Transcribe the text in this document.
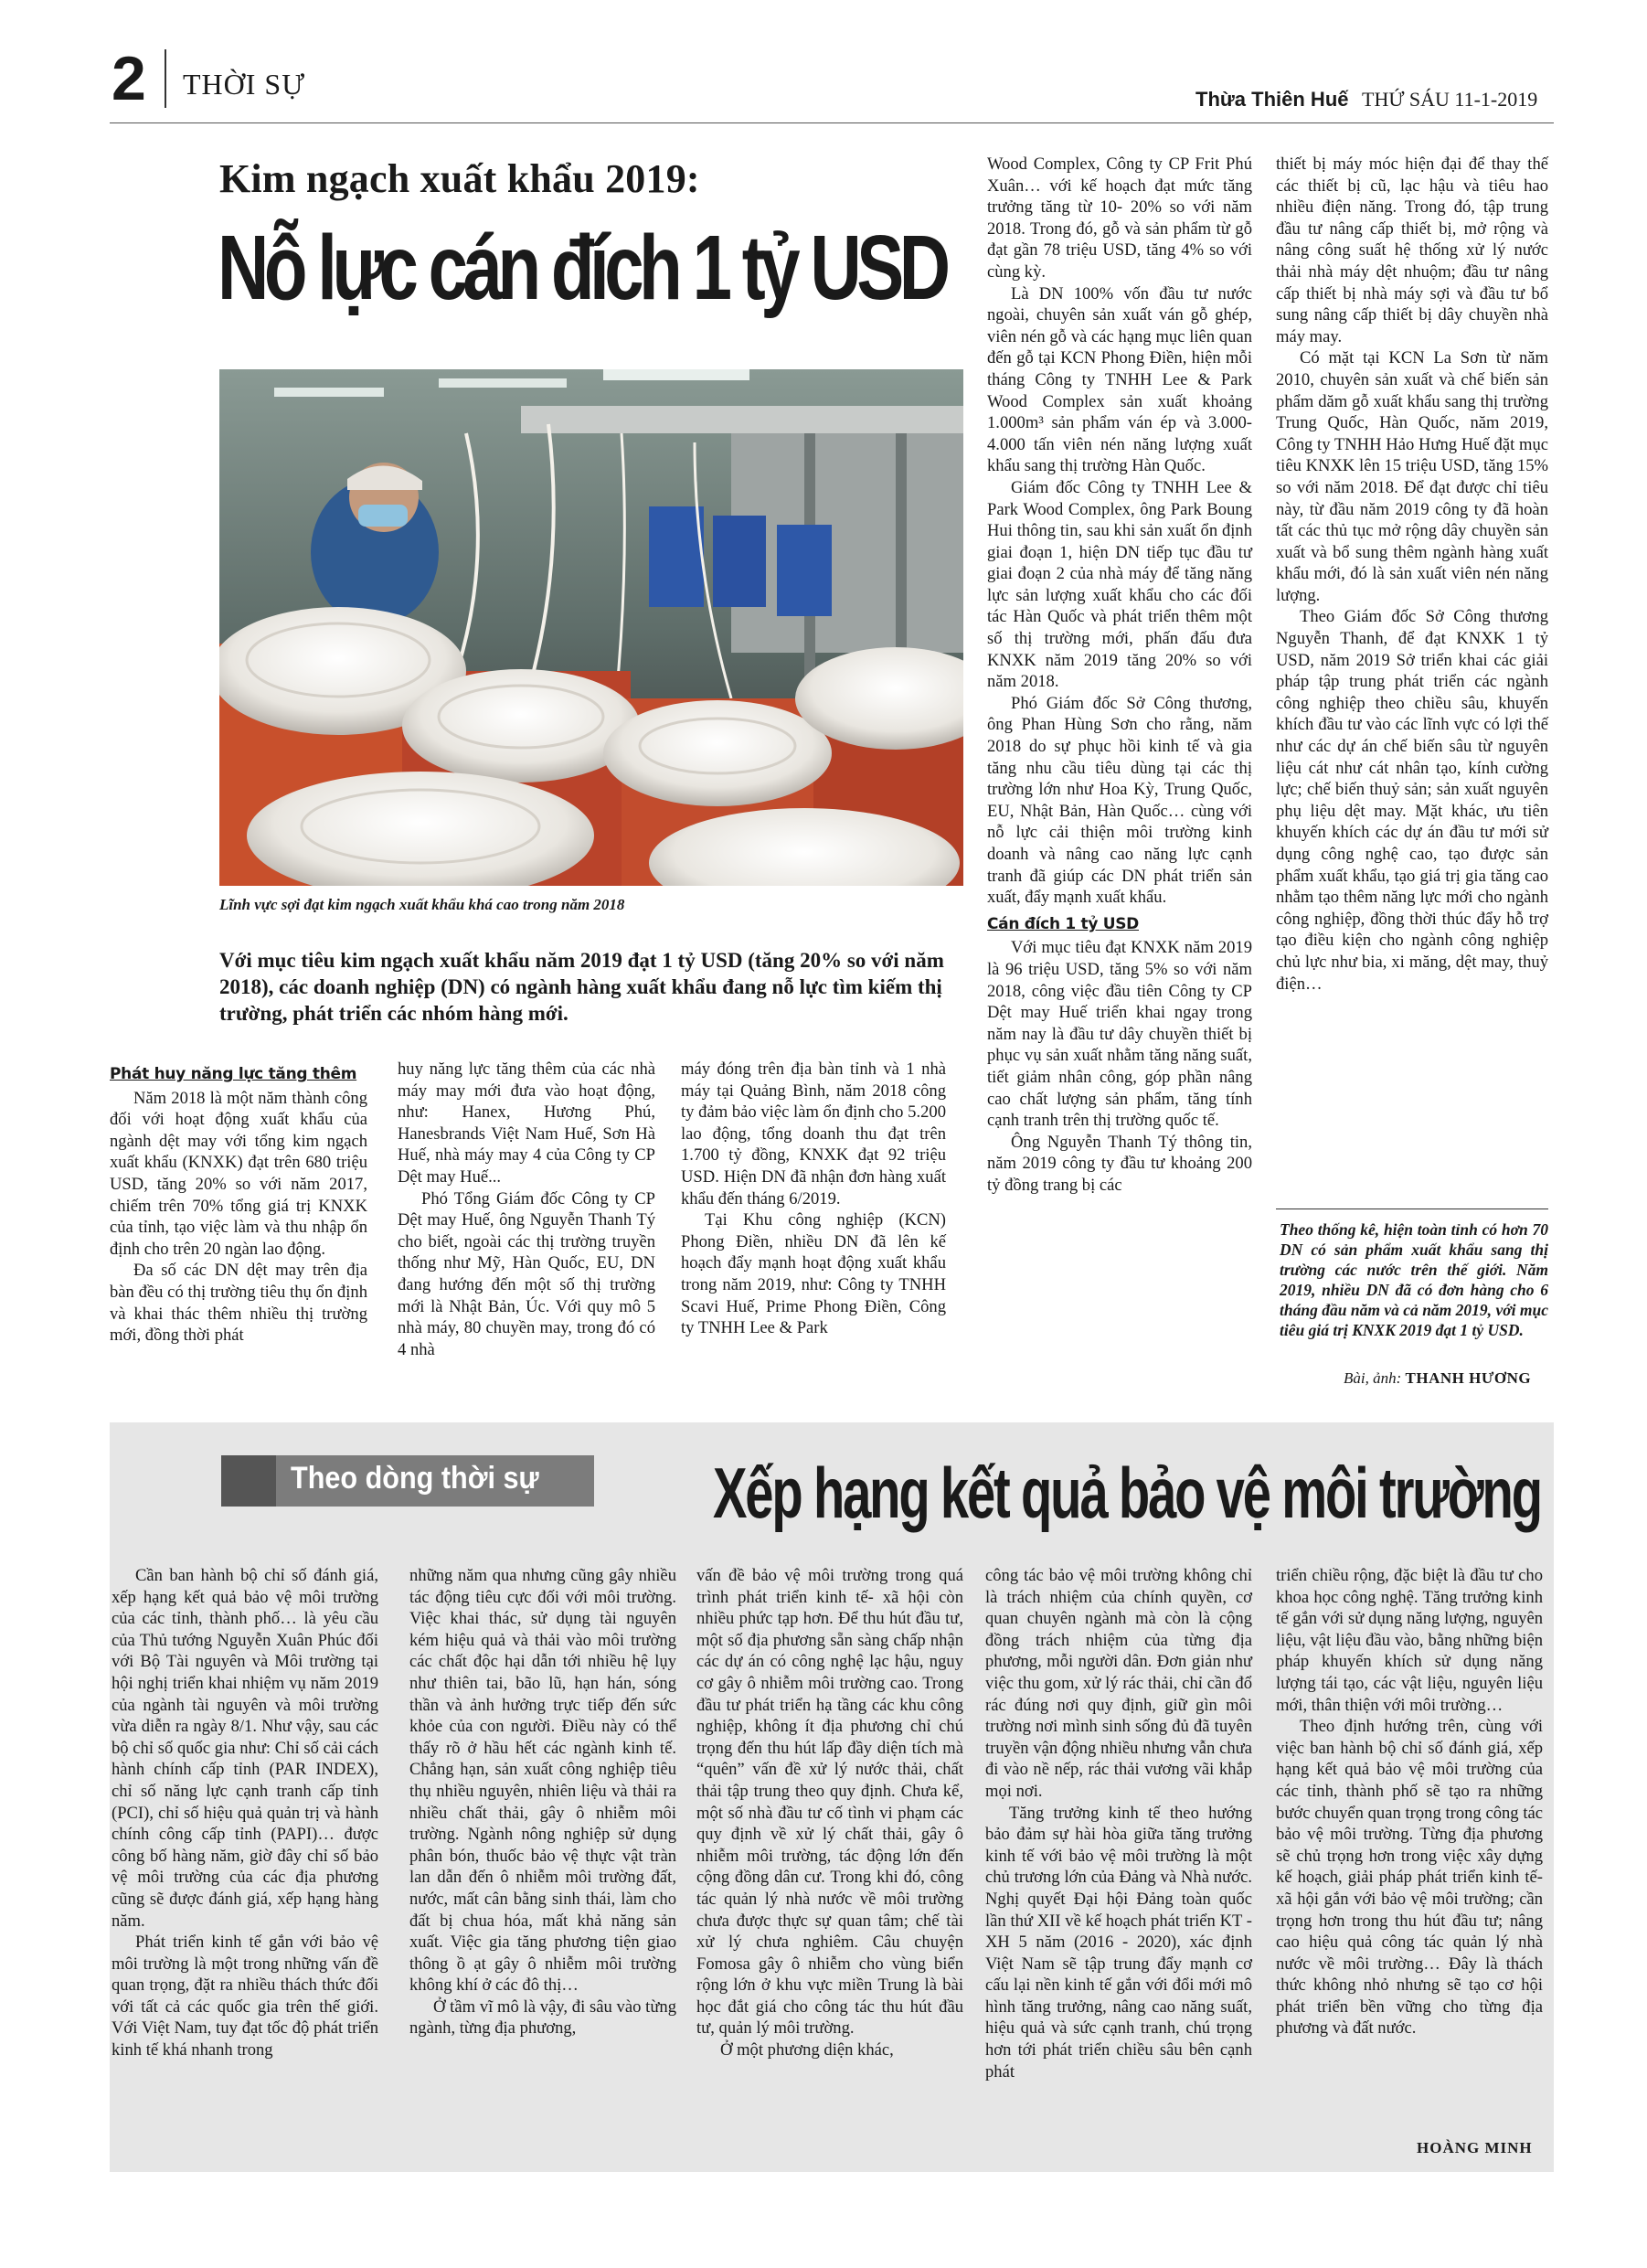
2 THỜI SỰ	Thừa Thiên Huế THỨ SÁU 11-1-2019
Kim ngạch xuất khẩu 2019:
Nỗ lực cán đích 1 tỷ USD
Lĩnh vực sợi đạt kim ngạch xuất khẩu khá cao trong năm 2018
Với mục tiêu kim ngạch xuất khẩu năm 2019 đạt 1 tỷ USD (tăng 20% so với năm 2018), các doanh nghiệp (DN) có ngành hàng xuất khẩu đang nỗ lực tìm kiếm thị trường, phát triển các nhóm hàng mới.
Phát huy năng lực tăng thêm

Năm 2018 là một năm thành công đối với hoạt động xuất khẩu của ngành dệt may với tổng kim ngạch xuất khẩu (KNXK) đạt trên 680 triệu USD, tăng 20% so với năm 2017, chiếm trên 70% tổng giá trị KNXK của tỉnh, tạo việc làm và thu nhập ổn định cho trên 20 ngàn lao động.

Đa số các DN dệt may trên địa bàn đều có thị trường tiêu thụ ổn định và khai thác thêm nhiều thị trường mới, đồng thời phát

huy năng lực tăng thêm của các nhà máy may mới đưa vào hoạt động, như: Hanex, Hương Phú, Hanesbrands Việt Nam Huế, Sơn Hà Huế, nhà máy may 4 của Công ty CP Dệt may Huế...

Phó Tổng Giám đốc Công ty CP Dệt may Huế, ông Nguyễn Thanh Tý cho biết, ngoài các thị trường truyền thống như Mỹ, Hàn Quốc, EU, DN đang hướng đến một số thị trường mới là Nhật Bản, Úc. Với quy mô 5 nhà máy, 80 chuyền may, trong đó có 4 nhà

máy đóng trên địa bàn tỉnh và 1 nhà máy tại Quảng Bình, năm 2018 công ty đảm bảo việc làm ổn định cho 5.200 lao động, tổng doanh thu đạt trên 1.700 tỷ đồng, KNXK đạt 92 triệu USD. Hiện DN đã nhận đơn hàng xuất khẩu đến tháng 6/2019.

Tại Khu công nghiệp (KCN) Phong Điền, nhiều DN đã lên kế hoạch đẩy mạnh hoạt động xuất khẩu trong năm 2019, như: Công ty TNHH Scavi Huế, Prime Phong Điền, Công ty TNHH Lee & Park

Wood Complex, Công ty CP Frit Phú Xuân… với kế hoạch đạt mức tăng trưởng tăng từ 10- 20% so với năm 2018. Trong đó, gỗ và sản phẩm từ gỗ đạt gần 78 triệu USD, tăng 4% so với cùng kỳ.

Là DN 100% vốn đầu tư nước ngoài, chuyên sản xuất ván gỗ ghép, viên nén gỗ và các hạng mục liên quan đến gỗ tại KCN Phong Điền, hiện mỗi tháng Công ty TNHH Lee & Park Wood Complex sản xuất khoảng 1.000m³ sản phẩm ván ép và 3.000- 4.000 tấn viên nén năng lượng xuất khẩu sang thị trường Hàn Quốc.

Giám đốc Công ty TNHH Lee & Park Wood Complex, ông Park Boung Hui thông tin, sau khi sản xuất ổn định giai đoạn 1, hiện DN tiếp tục đầu tư giai đoạn 2 của nhà máy để tăng năng lực sản lượng xuất khẩu cho các đối tác Hàn Quốc và phát triển thêm một số thị trường mới, phấn đấu đưa KNXK năm 2019 tăng 20% so với năm 2018.

Phó Giám đốc Sở Công thương, ông Phan Hùng Sơn cho rằng, năm 2018 do sự phục hồi kinh tế và gia tăng nhu cầu tiêu dùng tại các thị trường lớn như Hoa Kỳ, Trung Quốc, EU, Nhật Bản, Hàn Quốc… cùng với nỗ lực cải thiện môi trường kinh doanh và nâng cao năng lực cạnh tranh đã giúp các DN phát triển sản xuất, đẩy mạnh xuất khẩu.

Cán đích 1 tỷ USD

Với mục tiêu đạt KNXK năm 2019 là 96 triệu USD, tăng 5% so với năm 2018, công việc đầu tiên Công ty CP Dệt may Huế triển khai ngay trong năm nay là đầu tư dây chuyền thiết bị phục vụ sản xuất nhằm tăng năng suất, tiết giảm nhân công, góp phần nâng cao chất lượng sản phẩm, tăng tính cạnh tranh trên thị trường quốc tế.

Ông Nguyễn Thanh Tý thông tin, năm 2019 công ty đầu tư khoảng 200 tỷ đồng trang bị các

thiết bị máy móc hiện đại để thay thế các thiết bị cũ, lạc hậu và tiêu hao nhiều điện năng. Trong đó, tập trung đầu tư nâng cấp thiết bị, mở rộng và nâng công suất hệ thống xử lý nước thải nhà máy dệt nhuộm; đầu tư nâng cấp thiết bị nhà máy sợi và đầu tư bổ sung nâng cấp thiết bị dây chuyền nhà máy may.

Có mặt tại KCN La Sơn từ năm 2010, chuyên sản xuất và chế biến sản phẩm dăm gỗ xuất khẩu sang thị trường Trung Quốc, Hàn Quốc, năm 2019, Công ty TNHH Hảo Hưng Huế đặt mục tiêu KNXK lên 15 triệu USD, tăng 15% so với năm 2018. Để đạt được chỉ tiêu này, từ đầu năm 2019 công ty đã hoàn tất các thủ tục mở rộng dây chuyền sản xuất và bổ sung thêm ngành hàng xuất khẩu mới, đó là sản xuất viên nén năng lượng.

Theo Giám đốc Sở Công thương Nguyễn Thanh, để đạt KNXK 1 tỷ USD, năm 2019 Sở triển khai các giải pháp tập trung phát triển các ngành công nghiệp theo chiều sâu, khuyến khích đầu tư vào các lĩnh vực có lợi thế như các dự án chế biến sâu từ nguyên liệu cát như cát nhân tạo, kính cường lực; chế biến thuỷ sản; sản xuất nguyên phụ liệu dệt may. Mặt khác, ưu tiên khuyến khích các dự án đầu tư mới sử dụng công nghệ cao, tạo được sản phẩm xuất khẩu, tạo giá trị gia tăng cao nhằm tạo thêm năng lực mới cho ngành công nghiệp, đồng thời thúc đẩy hỗ trợ tạo điều kiện cho ngành công nghiệp chủ lực như bia, xi măng, dệt may, thuỷ điện…

Theo thống kê, hiện toàn tỉnh có hơn 70 DN có sản phẩm xuất khẩu sang thị trường các nước trên thế giới. Năm 2019, nhiều DN đã có đơn hàng cho 6 tháng đầu năm và cả năm 2019, với mục tiêu giá trị KNXK 2019 đạt 1 tỷ USD.
Bài, ảnh: THANH HƯƠNG
Theo dòng thời sự Xếp hạng kết quả bảo vệ môi trường

Cần ban hành bộ chỉ số đánh giá, xếp hạng kết quả bảo vệ môi trường của các tỉnh, thành phố… là yêu cầu của Thủ tướng Nguyễn Xuân Phúc đối với Bộ Tài nguyên và Môi trường tại hội nghị triển khai nhiệm vụ năm 2019 của ngành tài nguyên và môi trường vừa diễn ra ngày 8/1. Như vậy, sau các bộ chỉ số quốc gia như: Chỉ số cải cách hành chính cấp tỉnh (PAR INDEX), chỉ số năng lực cạnh tranh cấp tỉnh (PCI), chỉ số hiệu quả quản trị và hành chính công cấp tỉnh (PAPI)… được công bố hàng năm, giờ đây chỉ số bảo vệ môi trường của các địa phương cũng sẽ được đánh giá, xếp hạng hàng năm.

Phát triển kinh tế gắn với bảo vệ môi trường là một trong những vấn đề quan trọng, đặt ra nhiều thách thức đối với tất cả các quốc gia trên thế giới. Với Việt Nam, tuy đạt tốc độ phát triển kinh tế khá nhanh trong

những năm qua nhưng cũng gây nhiều tác động tiêu cực đối với môi trường. Việc khai thác, sử dụng tài nguyên kém hiệu quả và thải vào môi trường các chất độc hại dẫn tới nhiều hệ lụy như thiên tai, bão lũ, hạn hán, sóng thần và ảnh hưởng trực tiếp đến sức khỏe của con người. Điều này có thể thấy rõ ở hầu hết các ngành kinh tế. Chẳng hạn, sản xuất công nghiệp tiêu thụ nhiều nguyên, nhiên liệu và thải ra nhiều chất thải, gây ô nhiễm môi trường. Ngành nông nghiệp sử dụng phân bón, thuốc bảo vệ thực vật tràn lan dẫn đến ô nhiễm môi trường đất, nước, mất cân bằng sinh thái, làm cho đất bị chua hóa, mất khả năng sản xuất. Việc gia tăng phương tiện giao thông ồ ạt gây ô nhiễm môi trường không khí ở các đô thị…

Ở tầm vĩ mô là vậy, đi sâu vào từng ngành, từng địa phương,

vấn đề bảo vệ môi trường trong quá trình phát triển kinh tế- xã hội còn nhiều phức tạp hơn. Để thu hút đầu tư, một số địa phương sẵn sàng chấp nhận các dự án có công nghệ lạc hậu, nguy cơ gây ô nhiễm môi trường cao. Trong đầu tư phát triển hạ tầng các khu công nghiệp, không ít địa phương chỉ chú trọng đến thu hút lấp đầy diện tích mà “quên” vấn đề xử lý nước thải, chất thải tập trung theo quy định. Chưa kể, một số nhà đầu tư cố tình vi phạm các quy định về xử lý chất thải, gây ô nhiễm môi trường, tác động lớn đến cộng đồng dân cư. Trong khi đó, công tác quản lý nhà nước về môi trường chưa được thực sự quan tâm; chế tài xử lý chưa nghiêm. Câu chuyện Fomosa gây ô nhiễm cho vùng biển rộng lớn ở khu vực miền Trung là bài học đắt giá cho công tác thu hút đầu tư, quản lý môi trường.

Ở một phương diện khác,

công tác bảo vệ môi trường không chỉ là trách nhiệm của chính quyền, cơ quan chuyên ngành mà còn là cộng đồng trách nhiệm của từng địa phương, mỗi người dân. Đơn giản như việc thu gom, xử lý rác thải, chỉ cần đổ rác đúng nơi quy định, giữ gìn môi trường nơi mình sinh sống đủ đã tuyên truyền vận động nhiều nhưng vẫn chưa đi vào nề nếp, rác thải vương vãi khắp mọi nơi.

Tăng trưởng kinh tế theo hướng bảo đảm sự hài hòa giữa tăng trưởng kinh tế với bảo vệ môi trường là một chủ trương lớn của Đảng và Nhà nước. Nghị quyết Đại hội Đảng toàn quốc lần thứ XII về kế hoạch phát triển KT - XH 5 năm (2016 - 2020), xác định Việt Nam sẽ tập trung đẩy mạnh cơ cấu lại nền kinh tế gắn với đổi mới mô hình tăng trưởng, nâng cao năng suất, hiệu quả và sức cạnh tranh, chú trọng hơn tới phát triển chiều sâu bên cạnh phát

triển chiều rộng, đặc biệt là đầu tư cho khoa học công nghệ. Tăng trưởng kinh tế gắn với sử dụng năng lượng, nguyên liệu, vật liệu đầu vào, bằng những biện pháp khuyến khích sử dụng năng lượng tái tạo, các vật liệu, nguyên liệu mới, thân thiện với môi trường…

Theo định hướng trên, cùng với việc ban hành bộ chỉ số đánh giá, xếp hạng kết quả bảo vệ môi trường của các tỉnh, thành phố sẽ tạo ra những bước chuyển quan trọng trong công tác bảo vệ môi trường. Từng địa phương sẽ chủ trọng hơn trong việc xây dựng kế hoạch, giải pháp phát triển kinh tế- xã hội gắn với bảo vệ môi trường; cần trọng hơn trong thu hút đầu tư; nâng cao hiệu quả công tác quản lý nhà nước về môi trường… Đây là thách thức không nhỏ nhưng sẽ tạo cơ hội phát triển bền vững cho từng địa phương và đất nước.

HOÀNG MINH
